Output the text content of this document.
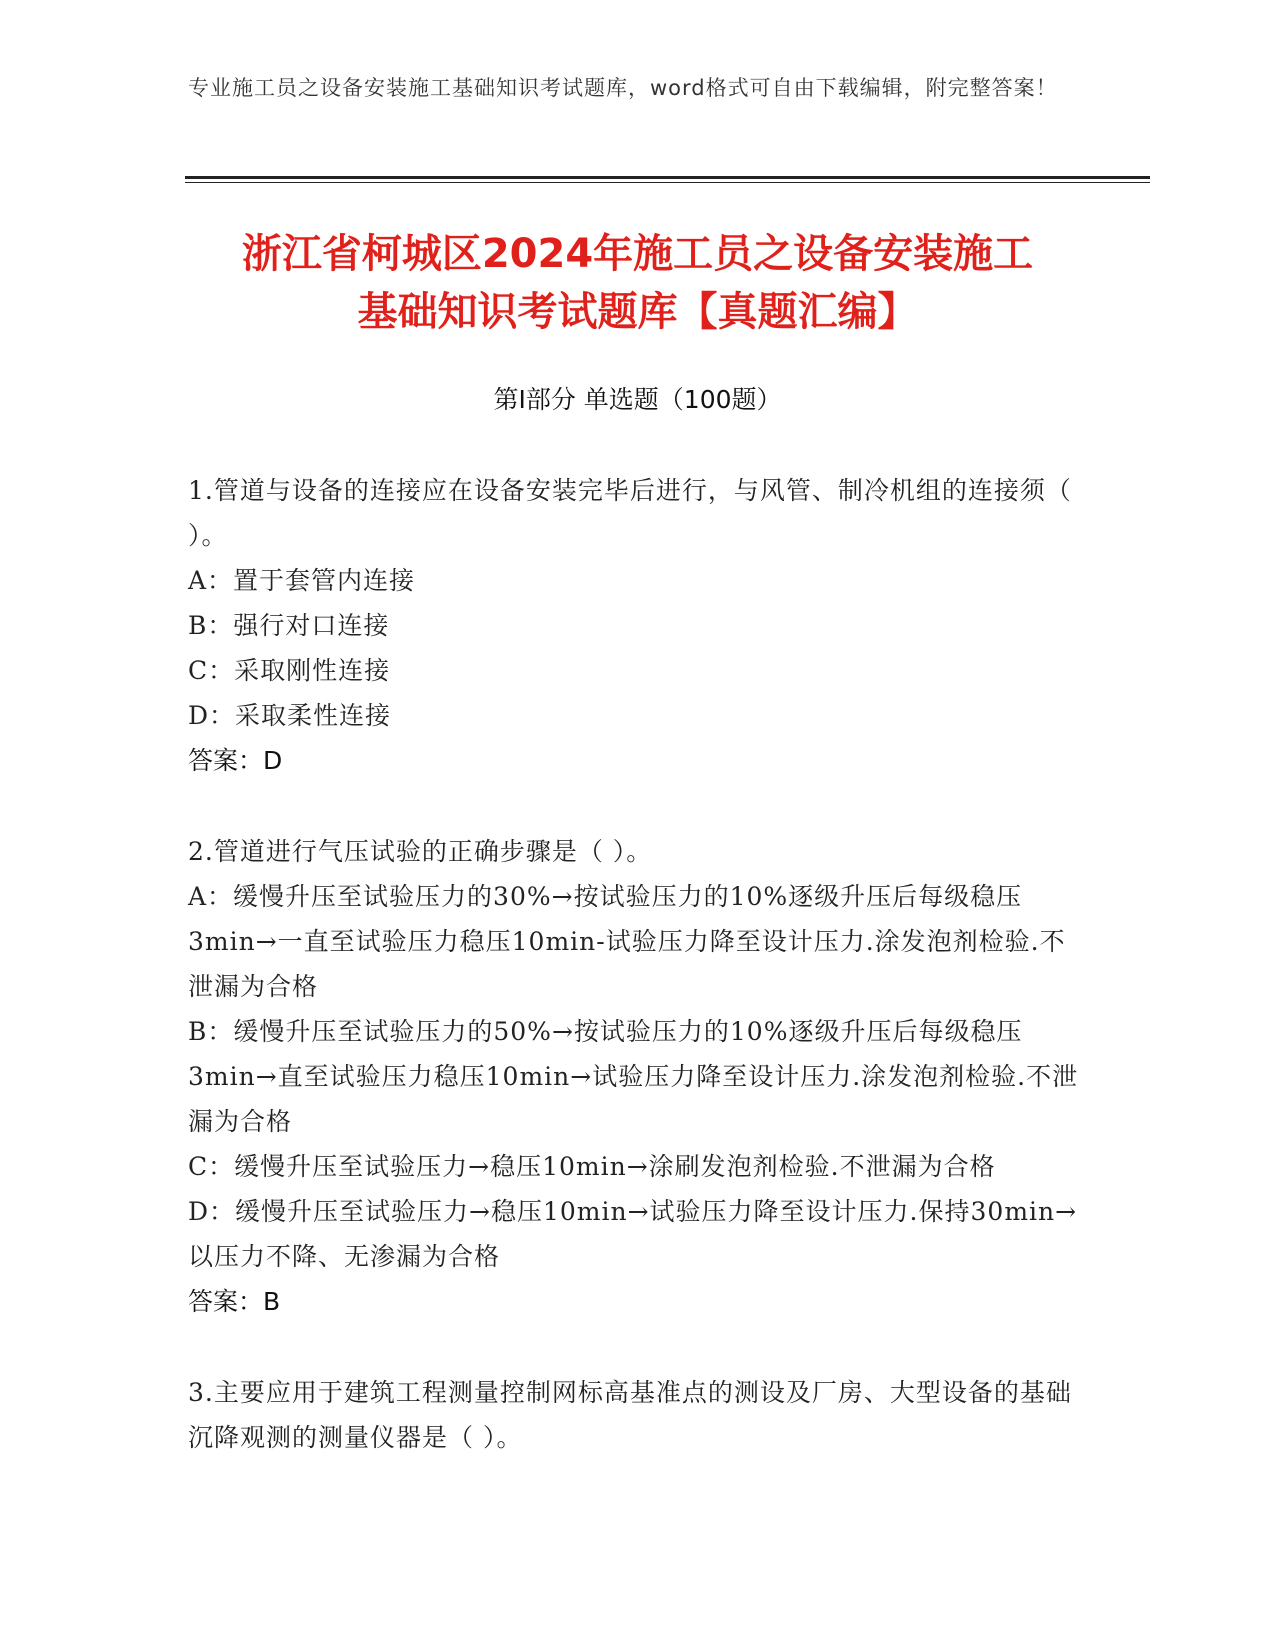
专业施工员之设备安装施工基础知识考试题库，word格式可自由下载编辑，附完整答案！
浙江省柯城区2024年施工员之设备安装施工
基础知识考试题库【真题汇编】
第Ⅰ部分 单选题（100题）
1.管道与设备的连接应在设备安装完毕后进行，与风管、制冷机组的连接须（ ）。
A：置于套管内连接
B：强行对口连接
C：采取刚性连接
D：采取柔性连接
答案：D
2.管道进行气压试验的正确步骤是（ ）。
A：缓慢升压至试验压力的30%→按试验压力的10%逐级升压后每级稳压3min→一直至试验压力稳压10min-试验压力降至设计压力.涂发泡剂检验.不泄漏为合格
B：缓慢升压至试验压力的50%→按试验压力的10%逐级升压后每级稳压3min→直至试验压力稳压10min→试验压力降至设计压力.涂发泡剂检验.不泄漏为合格
C：缓慢升压至试验压力→稳压10min→涂刷发泡剂检验.不泄漏为合格
D：缓慢升压至试验压力→稳压10min→试验压力降至设计压力.保持30min→以压力不降、无渗漏为合格
答案：B
3.主要应用于建筑工程测量控制网标高基准点的测设及厂房、大型设备的基础沉降观测的测量仪器是（ ）。
